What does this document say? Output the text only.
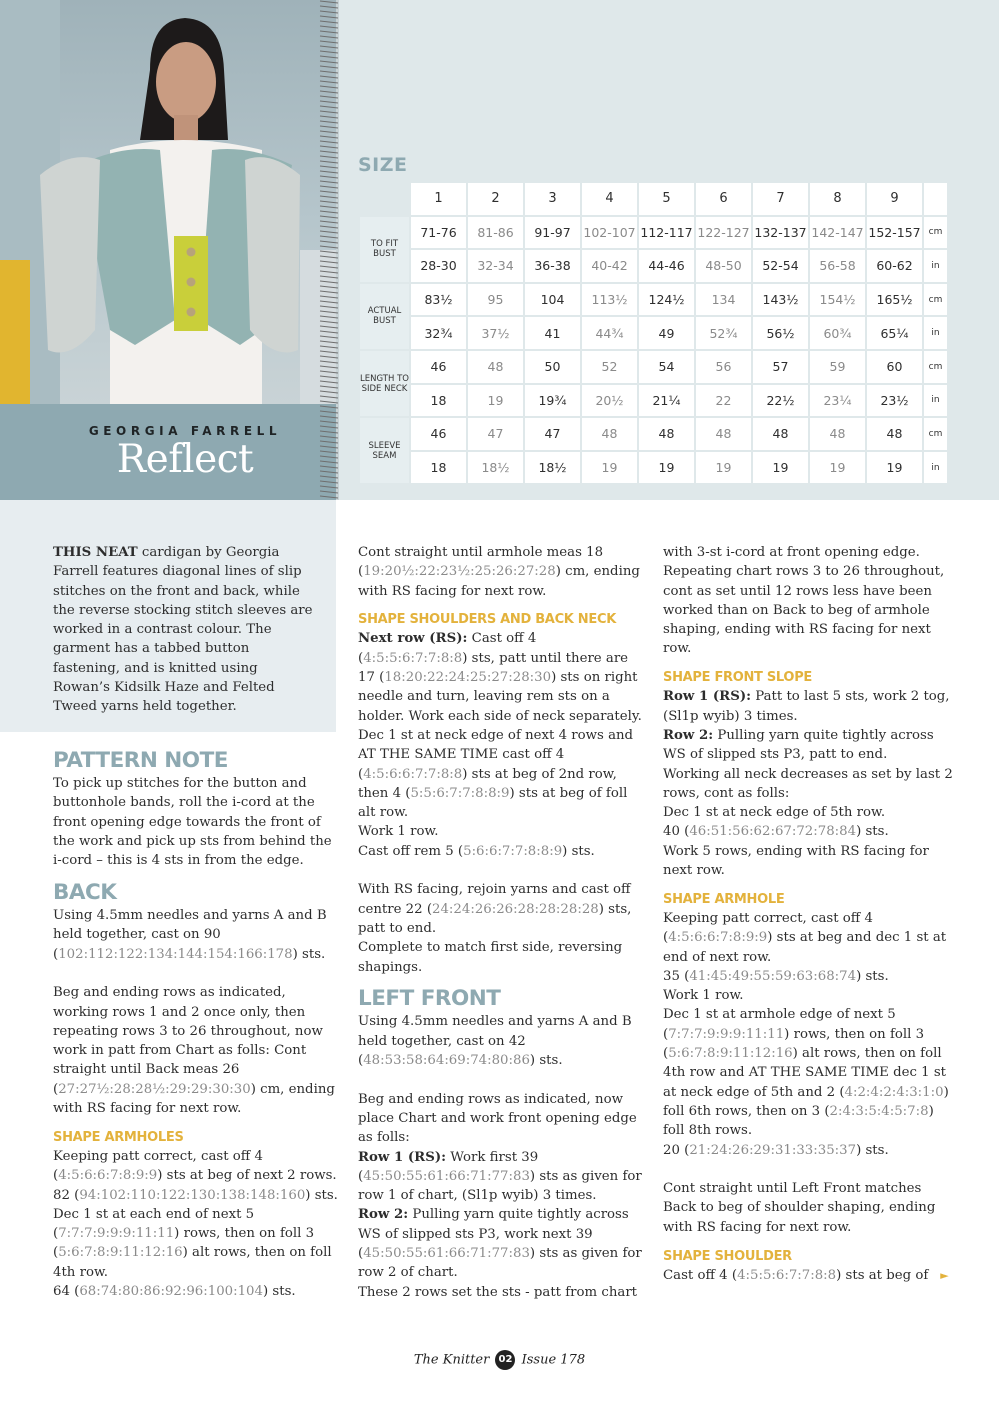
GEORGIA FARRELL
Reflect
SIZE
	1	2	3	4	5	6	7	8	9	
TO FIT BUST	71-76	81-86	91-97	102-107	112-117	122-127	132-137	142-147	152-157	cm
	28-30	32-34	36-38	40-42	44-46	48-50	52-54	56-58	60-62	in
ACTUAL BUST	83½	95	104	113½	124½	134	143½	154½	165½	cm
	32¾	37½	41	44¾	49	52¾	56½	60¾	65¼	in
LENGTH TO SIDE NECK	46	48	50	52	54	56	57	59	60	cm
	18	19	19¾	20½	21¼	22	22½	23¼	23½	in
SLEEVE SEAM	46	47	47	48	48	48	48	48	48	cm
	18	18½	18½	19	19	19	19	19	19	in

THIS NEAT cardigan by Georgia Farrell features diagonal lines of slip stitches on the front and back, while the reverse stocking stitch sleeves are worked in a contrast colour. The garment has a tabbed button fastening, and is knitted using Rowan’s Kidsilk Haze and Felted Tweed yarns held together.

PATTERN NOTE

To pick up stitches for the button and buttonhole bands, roll the i-cord at the front opening edge towards the front of the work and pick up sts from behind the i-cord – this is 4 sts in from the edge.

BACK

Using 4.5mm needles and yarns A and B held together, cast on 90 (102:112:122:134:144:154:166:178) sts.

Beg and ending rows as indicated, working rows 1 and 2 once only, then repeating rows 3 to 26 throughout, now work in patt from Chart as folls: Cont straight until Back meas 26 (27:27½:28:28½:29:29:30:30) cm, ending with RS facing for next row.

SHAPE ARMHOLES

Keeping patt correct, cast off 4 (4:5:6:6:7:8:9:9) sts at beg of next 2 rows.

82 (94:102:110:122:130:138:148:160) sts.

Dec 1 st at each end of next 5 (7:7:7:9:9:9:11:11) rows, then on foll 3 (5:6:7:8:9:11:12:16) alt rows, then on foll 4th row.

64 (68:74:80:86:92:96:100:104) sts.

Cont straight until armhole meas 18 (19:20½:22:23½:25:26:27:28) cm, ending with RS facing for next row.

SHAPE SHOULDERS AND BACK NECK

Next row (RS): Cast off 4 (4:5:5:6:7:7:8:8) sts, patt until there are 17 (18:20:22:24:25:27:28:30) sts on right needle and turn, leaving rem sts on a holder. Work each side of neck separately.

Dec 1 st at neck edge of next 4 rows and AT THE SAME TIME cast off 4 (4:5:6:6:7:7:8:8) sts at beg of 2nd row, then 4 (5:5:6:7:7:8:8:9) sts at beg of foll alt row.

Work 1 row.

Cast off rem 5 (5:6:6:7:7:8:8:9) sts.

With RS facing, rejoin yarns and cast off centre 22 (24:24:26:26:28:28:28:28) sts, patt to end.

Complete to match first side, reversing shapings.

LEFT FRONT

Using 4.5mm needles and yarns A and B held together, cast on 42 (48:53:58:64:69:74:80:86) sts.

Beg and ending rows as indicated, now place Chart and work front opening edge as folls:

Row 1 (RS): Work first 39 (45:50:55:61:66:71:77:83) sts as given for row 1 of chart, (Sl1p wyib) 3 times.

Row 2: Pulling yarn quite tightly across WS of slipped sts P3, work next 39 (45:50:55:61:66:71:77:83) sts as given for row 2 of chart.

These 2 rows set the sts - patt from chart

with 3-st i-cord at front opening edge. Repeating chart rows 3 to 26 throughout, cont as set until 12 rows less have been worked than on Back to beg of armhole shaping, ending with RS facing for next row.

SHAPE FRONT SLOPE

Row 1 (RS): Patt to last 5 sts, work 2 tog, (Sl1p wyib) 3 times.

Row 2: Pulling yarn quite tightly across WS of slipped sts P3, patt to end.

Working all neck decreases as set by last 2 rows, cont as folls:

Dec 1 st at neck edge of 5th row.

40 (46:51:56:62:67:72:78:84) sts.

Work 5 rows, ending with RS facing for next row.

SHAPE ARMHOLE

Keeping patt correct, cast off 4 (4:5:6:6:7:8:9:9) sts at beg and dec 1 st at end of next row.

35 (41:45:49:55:59:63:68:74) sts.

Work 1 row.

Dec 1 st at armhole edge of next 5 (7:7:7:9:9:9:11:11) rows, then on foll 3 (5:6:7:8:9:11:12:16) alt rows, then on foll 4th row and AT THE SAME TIME dec 1 st at neck edge of 5th and 2 (4:2:4:2:4:3:1:0) foll 6th rows, then on 3 (2:4:3:5:4:5:7:8) foll 8th rows.

20 (21:24:26:29:31:33:35:37) sts.

Cont straight until Left Front matches Back to beg of shoulder shaping, ending with RS facing for next row.

SHAPE SHOULDER

Cast off 4 (4:5:5:6:7:7:8:8) sts at beg of ►

The Knitter 02 Issue 178
